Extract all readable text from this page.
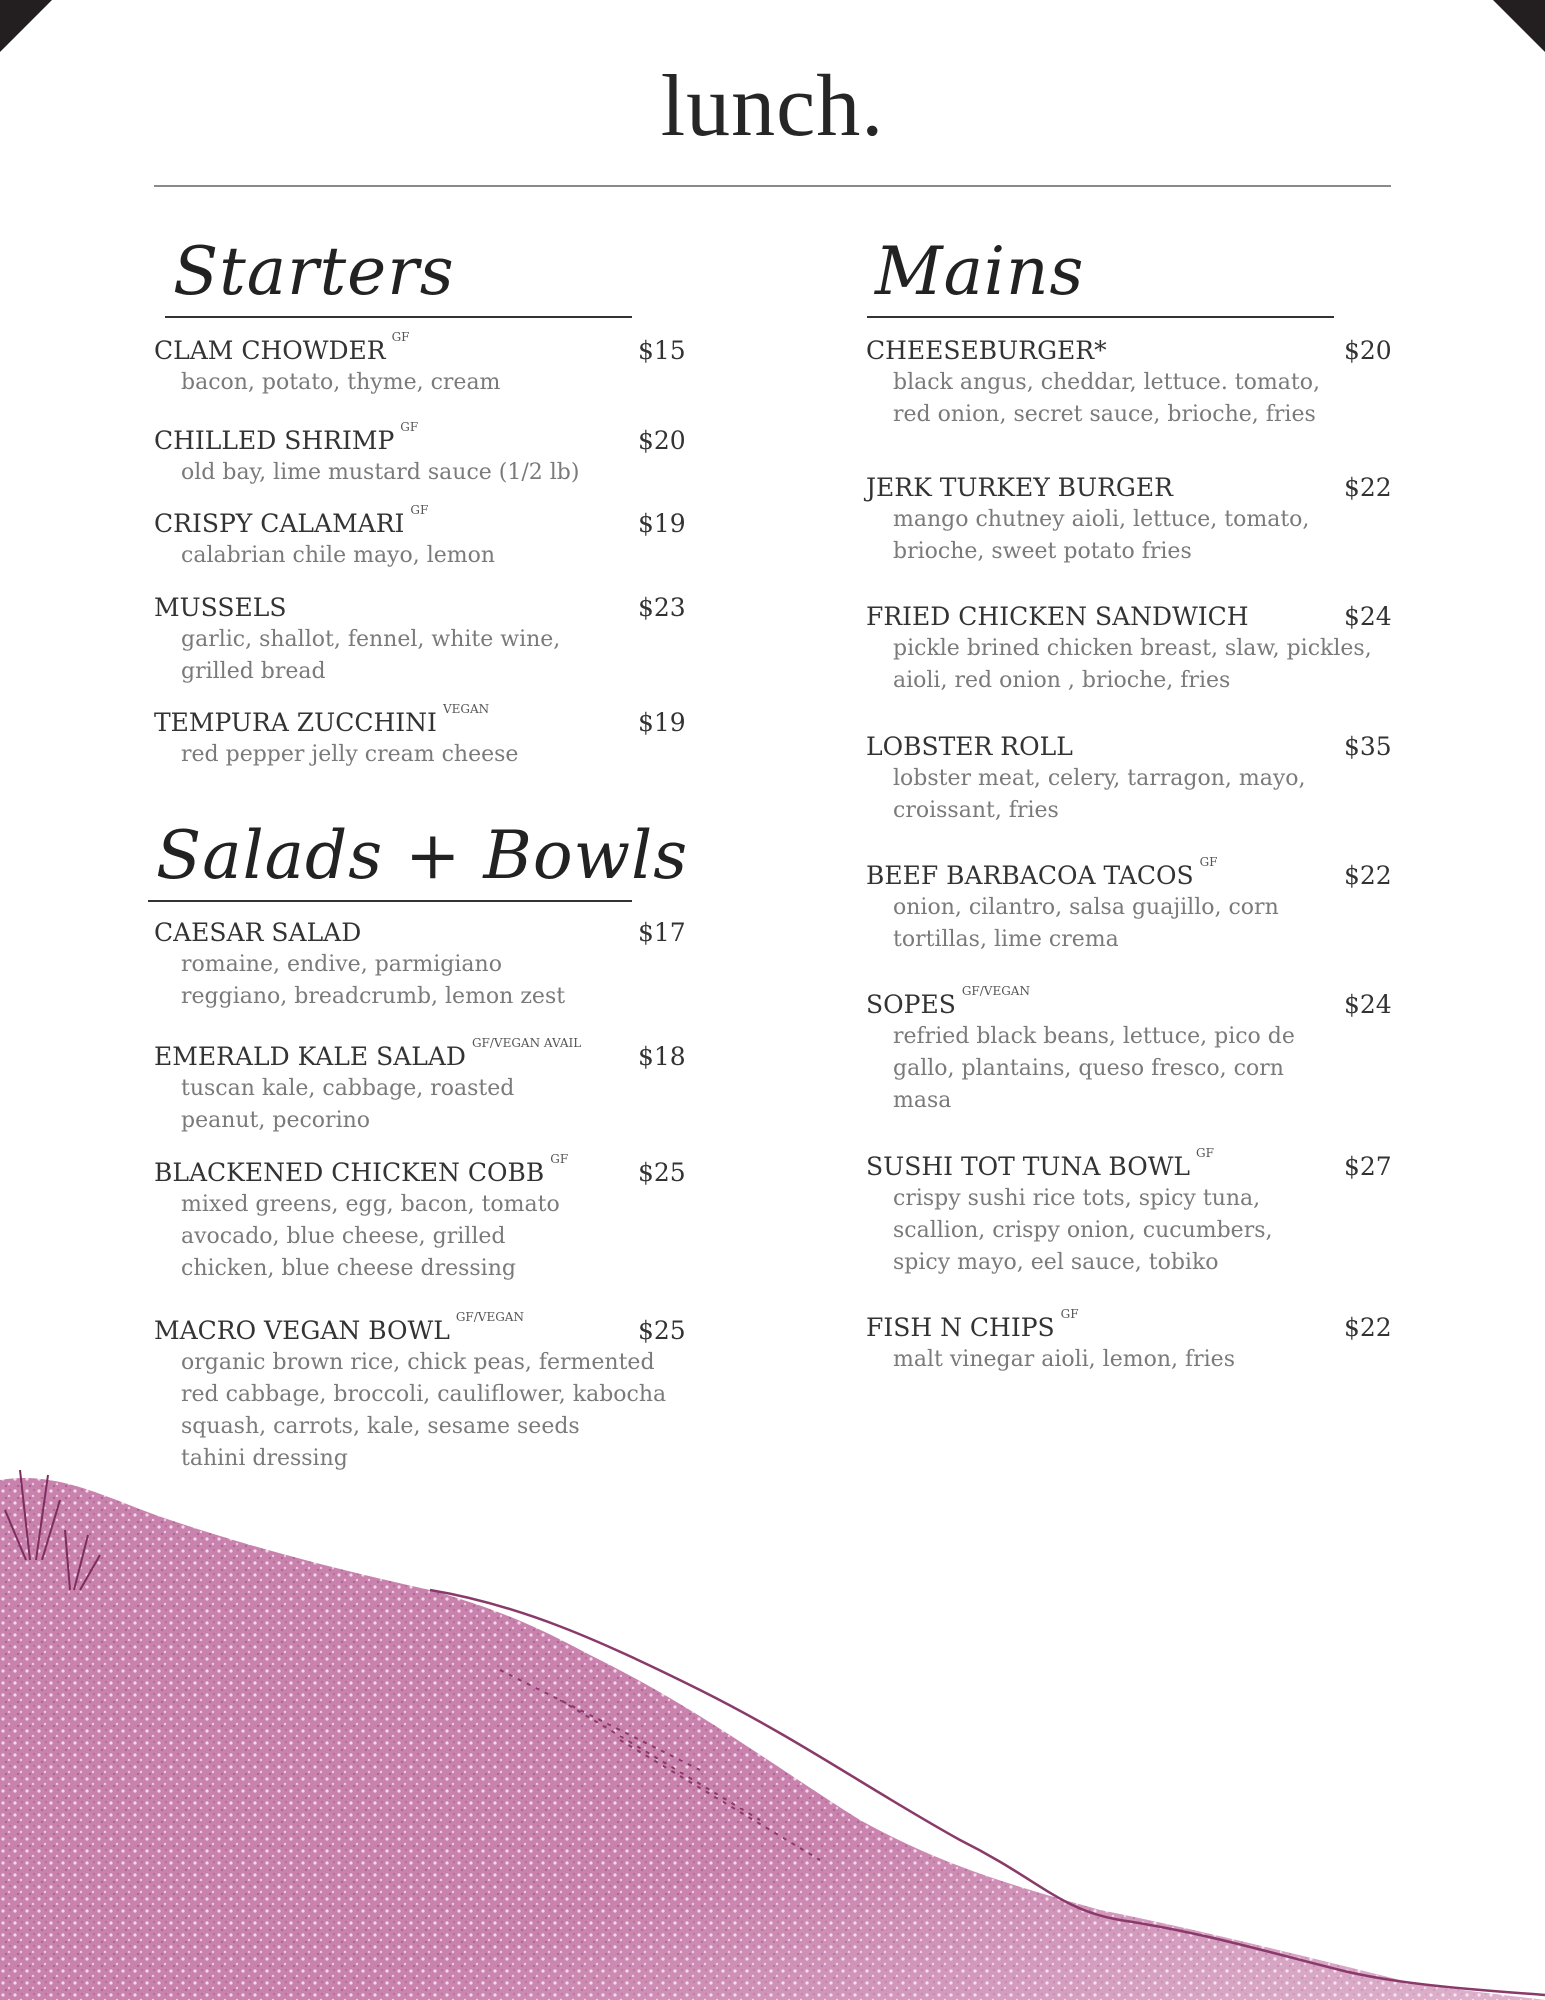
lunch.
Starters
CLAM CHOWDER GF	$15
bacon, potato, thyme, cream
CHILLED SHRIMP GF	$20
old bay, lime mustard sauce (1/2 lb)
CRISPY CALAMARI GF	$19
calabrian chile mayo, lemon
MUSSELS	$23
garlic, shallot, fennel, white wine,
grilled bread
TEMPURA ZUCCHINI VEGAN	$19
red pepper jelly cream cheese
Salads + Bowls
CAESAR SALAD	$17
romaine, endive, parmigiano
reggiano, breadcrumb, lemon zest
EMERALD KALE SALAD GF/VEGAN AVAIL $18
tuscan kale, cabbage, roasted
peanut, pecorino
BLACKENED CHICKEN COBB GF	$25
mixed greens, egg, bacon, tomato
avocado, blue cheese, grilled
chicken, blue cheese dressing
MACRO VEGAN BOWL GF/VEGAN	$25
organic brown rice, chick peas, fermented
red cabbage, broccoli, cauliflower, kabocha
squash, carrots, kale, sesame seeds
tahini dressing
Mains
CHEESEBURGER*	$20
black angus, cheddar, lettuce. tomato,
red onion, secret sauce, brioche, fries
JERK TURKEY BURGER	$22
mango chutney aioli, lettuce, tomato,
brioche, sweet potato fries
FRIED CHICKEN SANDWICH	$24
pickle brined chicken breast, slaw, pickles,
aioli, red onion , brioche, fries
LOBSTER ROLL	$35
lobster meat, celery, tarragon, mayo,
croissant, fries
BEEF BARBACOA TACOS GF	$22
onion, cilantro, salsa guajillo, corn
tortillas, lime crema
SOPES GF/VEGAN	$24
refried black beans, lettuce, pico de
gallo, plantains, queso fresco, corn
masa
SUSHI TOT TUNA BOWL GF	$27
crispy sushi rice tots, spicy tuna,
scallion, crispy onion, cucumbers,
spicy mayo, eel sauce, tobiko
FISH N CHIPS GF	$22
malt vinegar aioli, lemon, fries
